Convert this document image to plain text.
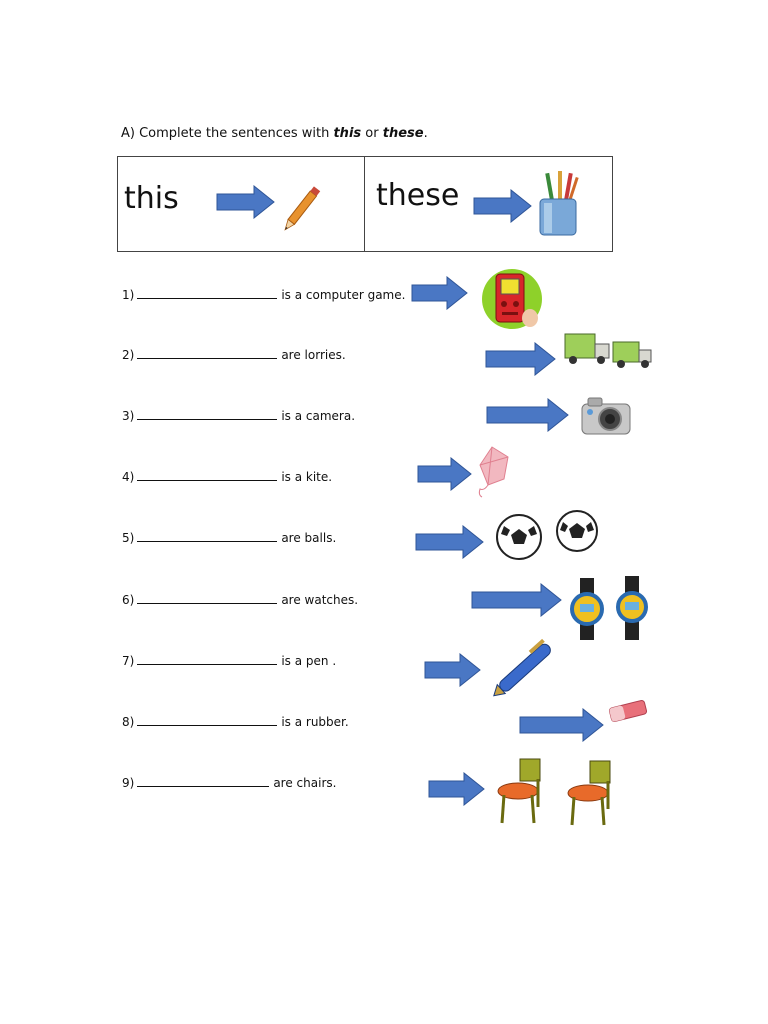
A) Complete the sentences with this or these.
this	these
1)	is a computer game.
2)	are lorries.
3)	is a camera.
4)	is a kite.
5)	are balls.
6)	are watches.
7)	is a pen .
8)	is a rubber.
9)	are chairs.
